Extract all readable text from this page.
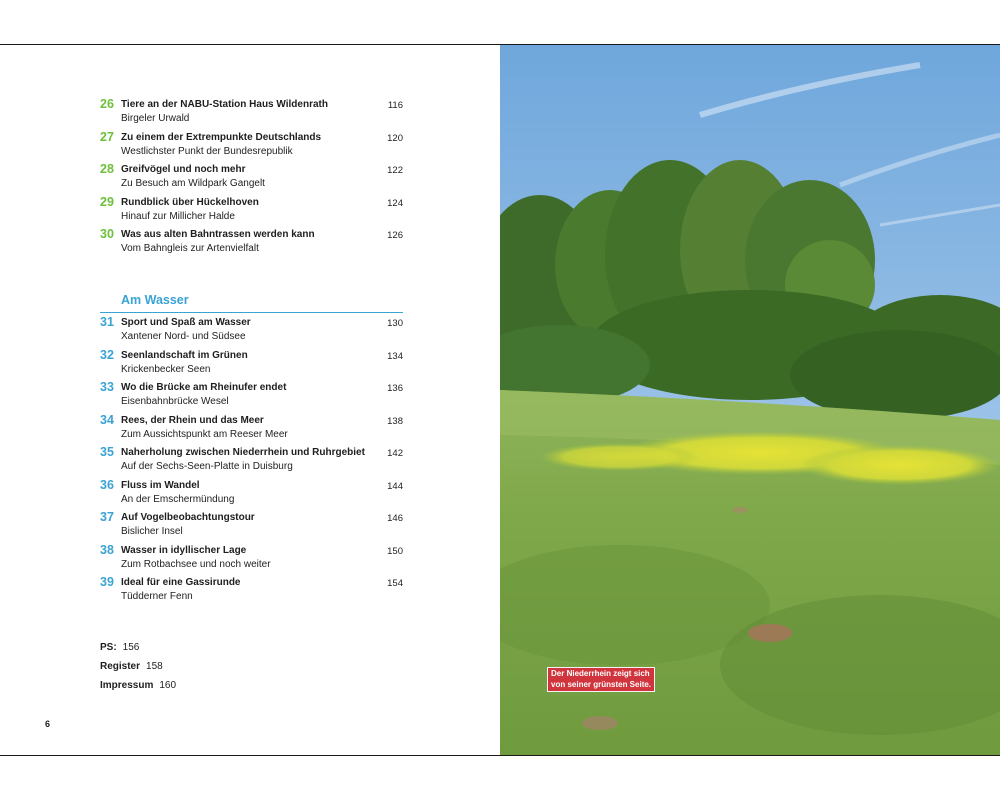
26 Tiere an der NABU-Station Haus Wildenrath
Birgeler Urwald
116
27 Zu einem der Extrempunkte Deutschlands
Westlichster Punkt der Bundesrepublik
120
28 Greifvögel und noch mehr
Zu Besuch am Wildpark Gangelt
122
29 Rundblick über Hückelhoven
Hinauf zur Millicher Halde
124
30 Was aus alten Bahntrassen werden kann
Vom Bahngleis zur Artenvielfalt
126
Am Wasser
31 Sport und Spaß am Wasser
Xantener Nord- und Südsee
130
32 Seenlandschaft im Grünen
Krickenbecker Seen
134
33 Wo die Brücke am Rheinufer endet
Eisenbahnbrücke Wesel
136
34 Rees, der Rhein und das Meer
Zum Aussichtspunkt am Reeser Meer
138
35 Naherholung zwischen Niederrhein und Ruhrgebiet
Auf der Sechs-Seen-Platte in Duisburg
142
36 Fluss im Wandel
An der Emschermündung
144
37 Auf Vogelbeobachtungstour
Bislicher Insel
146
38 Wasser in idyllischer Lage
Zum Rotbachsee und noch weiter
150
39 Ideal für eine Gassirunde
Tüdderner Fenn
154
PS: 156
Register 158
Impressum 160
6
Der Niederrhein zeigt sich
von seiner grünsten Seite.
